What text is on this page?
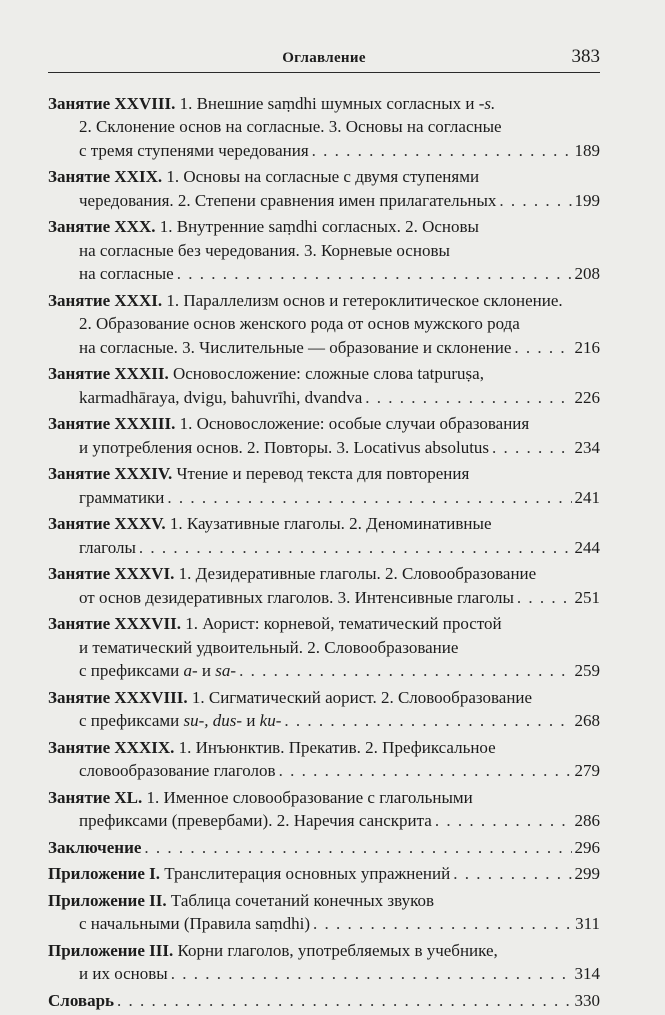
Оглавление	383
Занятие XXVIII. 1. Внешние saṃdhi шумных согласных и -s.
2. Склонение основ на согласные. 3. Основы на согласные
с тремя ступенями чередования . . .	189
Занятие XXIX. 1. Основы на согласные с двумя ступенями
чередования. 2. Степени сравнения имен прилагательных . . .	199
Занятие XXX. 1. Внутренние saṃdhi согласных. 2. Основы
на согласные без чередования. 3. Корневые основы
на согласные . . .	208
Занятие XXXI. 1. Параллелизм основ и гетероклитическое склонение.
2. Образование основ женского рода от основ мужского рода
на согласные. 3. Числительные — образование и склонение . . .	216
Занятие XXXII. Основосложение: сложные слова tatpuruṣa,
karmadhāraya, dvigu, bahuvrīhi, dvandva . . .	226
Занятие XXXIII. 1. Основосложение: особые случаи образования
и употребления основ. 2. Повторы. 3. Locativus absolutus . . .	234
Занятие XXXIV. Чтение и перевод текста для повторения
грамматики . . .	241
Занятие XXXV. 1. Каузативные глаголы. 2. Деноминативные
глаголы . . .	244
Занятие XXXVI. 1. Дезидеративные глаголы. 2. Словообразование
от основ дезидеративных глаголов. 3. Интенсивные глаголы . . .	251
Занятие XXXVII. 1. Аорист: корневой, тематический простой
и тематический удвоительный. 2. Словообразование
с префиксами a- и sa- . . .	259
Занятие XXXVIII. 1. Сигматический аорист. 2. Словообразование
с префиксами su-, dus- и ku- . . .	268
Занятие XXXIX. 1. Инъюнктив. Прекатив. 2. Префиксальное
словообразование глаголов . . .	279
Занятие XL. 1. Именное словообразование с глагольными
префиксами (превербами). 2. Наречия санскрита . . .	286
Заключение . . .	296
Приложение I. Транслитерация основных упражнений . . .	299
Приложение II. Таблица сочетаний конечных звуков
с начальными (Правила saṃdhi) . . .	311
Приложение III. Корни глаголов, употребляемых в учебнике,
и их основы . . .	314
Словарь . . .	330
